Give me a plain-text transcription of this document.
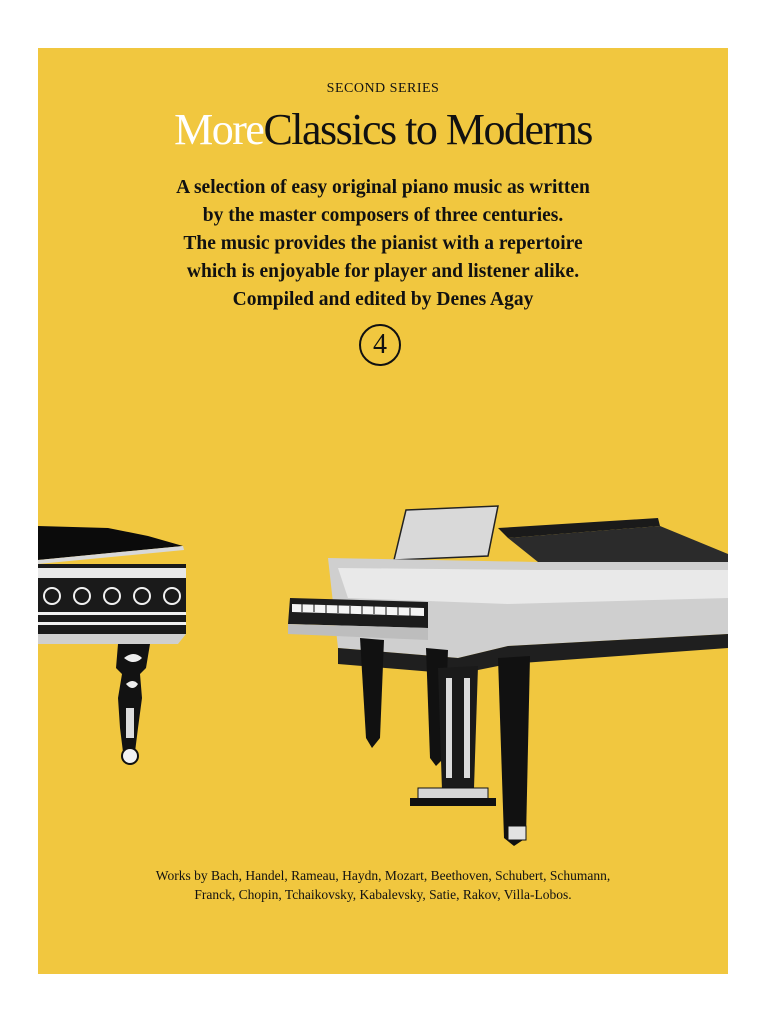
SECOND SERIES
MoreClassics to Moderns
A selection of easy original piano music as written
by the master composers of three centuries.
The music provides the pianist with a repertoire
which is enjoyable for player and listener alike.
Compiled and edited by Denes Agay
4
Works by Bach, Handel, Rameau, Haydn, Mozart, Beethoven, Schubert, Schumann,
Franck, Chopin, Tchaikovsky, Kabalevsky, Satie, Rakov, Villa-Lobos.
